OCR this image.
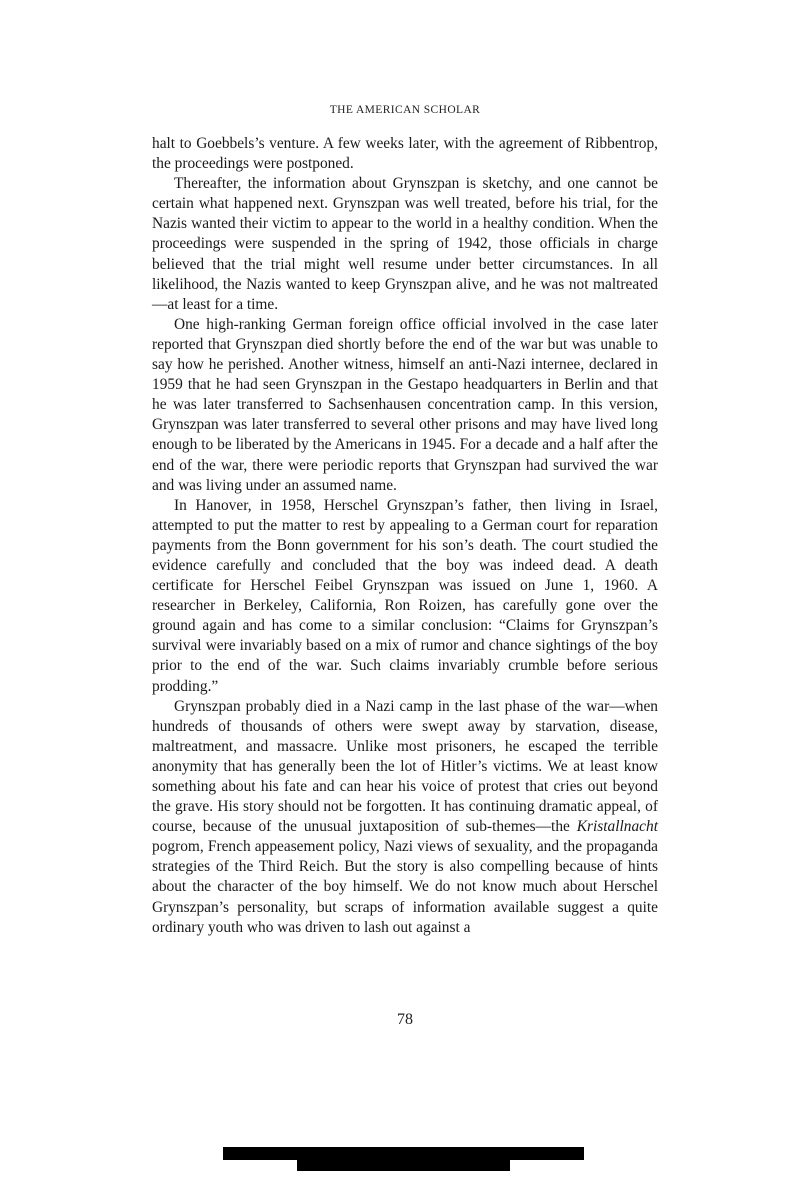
THE AMERICAN SCHOLAR

halt to Goebbels’s venture. A few weeks later, with the agreement of Ribbentrop, the proceedings were postponed.

Thereafter, the information about Grynszpan is sketchy, and one cannot be certain what happened next. Grynszpan was well treated, before his trial, for the Nazis wanted their victim to appear to the world in a healthy condition. When the proceedings were suspended in the spring of 1942, those officials in charge believed that the trial might well resume under better circumstances. In all likelihood, the Nazis wanted to keep Grynszpan alive, and he was not maltreated—at least for a time.

One high-ranking German foreign office official involved in the case later reported that Grynszpan died shortly before the end of the war but was unable to say how he perished. Another witness, himself an anti-Nazi internee, declared in 1959 that he had seen Grynszpan in the Gestapo headquarters in Berlin and that he was later transferred to Sachsenhausen concentration camp. In this version, Grynszpan was later transferred to several other prisons and may have lived long enough to be liberated by the Americans in 1945. For a decade and a half after the end of the war, there were periodic reports that Grynszpan had survived the war and was living under an assumed name.

In Hanover, in 1958, Herschel Grynszpan’s father, then living in Israel, attempted to put the matter to rest by appealing to a German court for reparation payments from the Bonn government for his son’s death. The court studied the evidence carefully and concluded that the boy was indeed dead. A death certificate for Herschel Feibel Grynszpan was issued on June 1, 1960. A researcher in Berkeley, California, Ron Roizen, has carefully gone over the ground again and has come to a similar conclusion: “Claims for Grynszpan’s survival were invariably based on a mix of rumor and chance sightings of the boy prior to the end of the war. Such claims invariably crumble before serious prodding.”

Grynszpan probably died in a Nazi camp in the last phase of the war—when hundreds of thousands of others were swept away by starvation, disease, maltreatment, and massacre. Unlike most prisoners, he escaped the terrible anonymity that has generally been the lot of Hitler’s victims. We at least know something about his fate and can hear his voice of protest that cries out beyond the grave. His story should not be forgotten. It has continuing dramatic appeal, of course, because of the unusual juxtaposition of sub-themes—the Kristallnacht pogrom, French appeasement policy, Nazi views of sexuality, and the propaganda strategies of the Third Reich. But the story is also compelling because of hints about the character of the boy himself. We do not know much about Herschel Grynszpan’s personality, but scraps of information available suggest a quite ordinary youth who was driven to lash out against a

78
